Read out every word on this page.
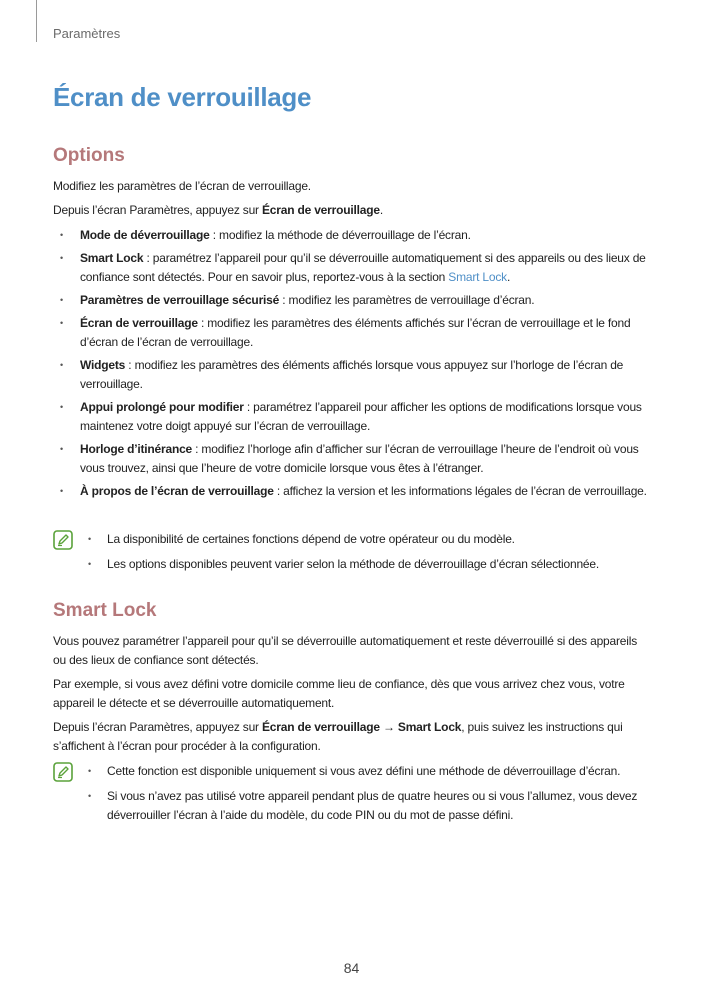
Paramètres
Écran de verrouillage
Options

Modifiez les paramètres de l’écran de verrouillage.

Depuis l’écran Paramètres, appuyez sur Écran de verrouillage.

• Mode de déverrouillage : modifiez la méthode de déverrouillage de l’écran.
• Smart Lock : paramétrez l’appareil pour qu’il se déverrouille automatiquement si des appareils ou des lieux de confiance sont détectés. Pour en savoir plus, reportez-vous à la section Smart Lock.
• Paramètres de verrouillage sécurisé : modifiez les paramètres de verrouillage d’écran.
• Écran de verrouillage : modifiez les paramètres des éléments affichés sur l’écran de verrouillage et le fond d’écran de l’écran de verrouillage.
• Widgets : modifiez les paramètres des éléments affichés lorsque vous appuyez sur l’horloge de l’écran de verrouillage.
• Appui prolongé pour modifier : paramétrez l’appareil pour afficher les options de modifications lorsque vous maintenez votre doigt appuyé sur l’écran de verrouillage.
• Horloge d’itinérance : modifiez l’horloge afin d’afficher sur l’écran de verrouillage l’heure de l’endroit où vous vous trouvez, ainsi que l’heure de votre domicile lorsque vous êtes à l’étranger.
• À propos de l’écran de verrouillage : affichez la version et les informations légales de l’écran de verrouillage.
• La disponibilité de certaines fonctions dépend de votre opérateur ou du modèle.
• Les options disponibles peuvent varier selon la méthode de déverrouillage d’écran sélectionnée.
Smart Lock

Vous pouvez paramétrer l’appareil pour qu’il se déverrouille automatiquement et reste déverrouillé si des appareils ou des lieux de confiance sont détectés.

Par exemple, si vous avez défini votre domicile comme lieu de confiance, dès que vous arrivez chez vous, votre appareil le détecte et se déverrouille automatiquement.

Depuis l’écran Paramètres, appuyez sur Écran de verrouillage → Smart Lock, puis suivez les instructions qui s’affichent à l’écran pour procéder à la configuration.

• Cette fonction est disponible uniquement si vous avez défini une méthode de déverrouillage d’écran.
• Si vous n’avez pas utilisé votre appareil pendant plus de quatre heures ou si vous l’allumez, vous devez déverrouiller l’écran à l’aide du modèle, du code PIN ou du mot de passe défini.
84
